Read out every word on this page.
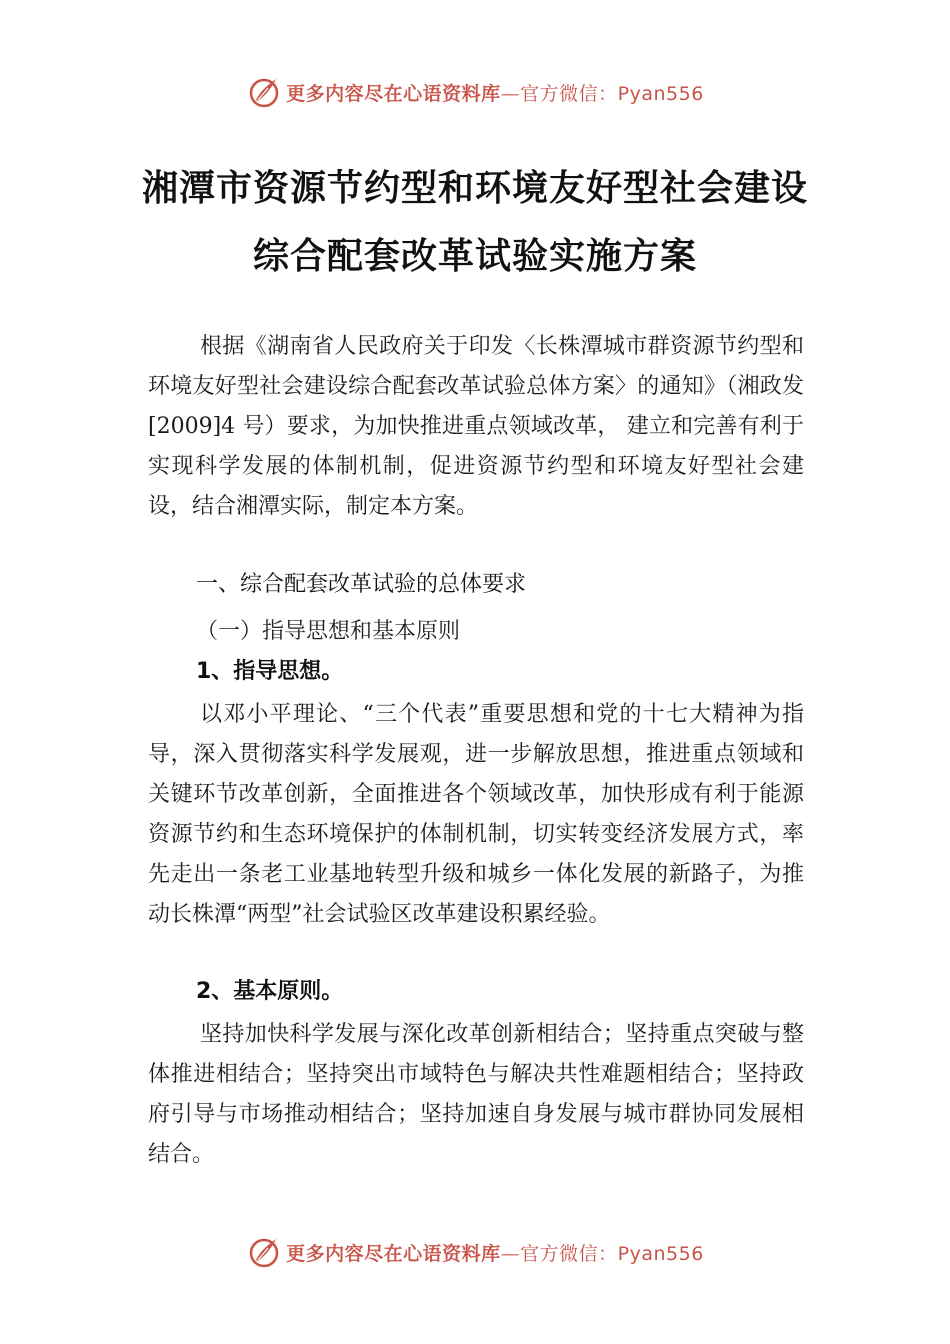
更多内容尽在心语资料库—官方微信：Pyan556
湘潭市资源节约型和环境友好型社会建设
综合配套改革试验实施方案

根据《湖南省人民政府关于印发〈长株潭城市群资源节约型和环境友好型社会建设综合配套改革试验总体方案〉的通知》（湘政发[2009]4 号）要求，为加快推进重点领域改革， 建立和完善有利于实现科学发展的体制机制，促进资源节约型和环境友好型社会建设，结合湘潭实际，制定本方案。

一、综合配套改革试验的总体要求
（一）指导思想和基本原则
1、指导思想。

以邓小平理论、“三个代表”重要思想和党的十七大精神为指导，深入贯彻落实科学发展观，进一步解放思想，推进重点领域和关键环节改革创新，全面推进各个领域改革，加快形成有利于能源资源节约和生态环境保护的体制机制，切实转变经济发展方式，率先走出一条老工业基地转型升级和城乡一体化发展的新路子，为推动长株潭“两型”社会试验区改革建设积累经验。

2、基本原则。

坚持加快科学发展与深化改革创新相结合；坚持重点突破与整体推进相结合；坚持突出市域特色与解决共性难题相结合；坚持政府引导与市场推动相结合；坚持加速自身发展与城市群协同发展相结合。

更多内容尽在心语资料库—官方微信：Pyan556
